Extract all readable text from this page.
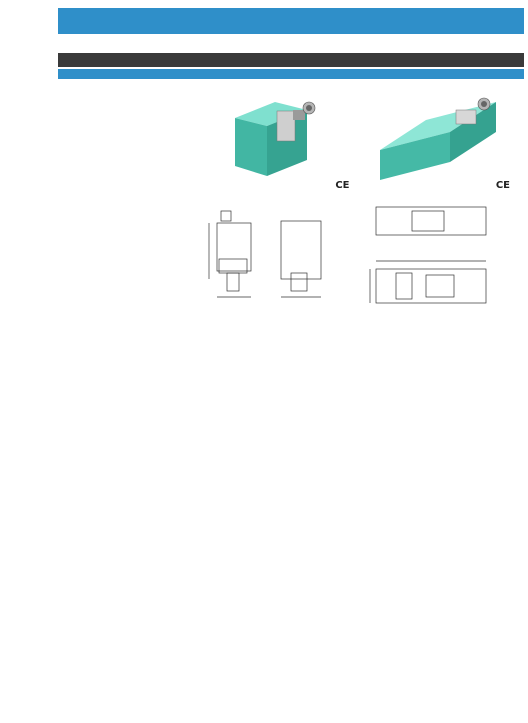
		CE	CE
